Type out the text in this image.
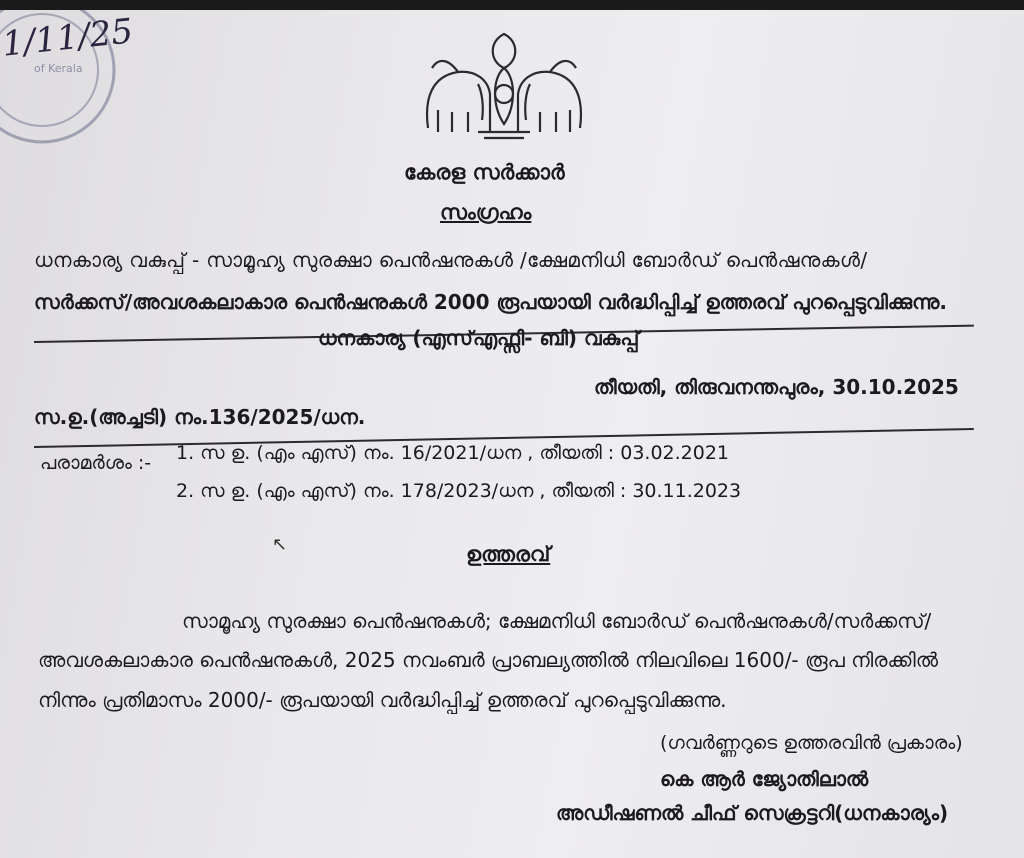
of Kerala
1/11/25
കേരള സർക്കാർ
സംഗ്രഹം
ധനകാര്യ വകുപ്പ് - സാമൂഹ്യ സുരക്ഷാ പെൻഷനുകൾ /ക്ഷേമനിധി ബോർഡ് പെൻഷനുകൾ/
സർക്കസ്/അവശകലാകാര പെൻഷനുകൾ 2000 രൂപയായി വർദ്ധിപ്പിച്ച് ഉത്തരവ് പുറപ്പെടുവിക്കുന്നു.
ധനകാര്യ (എസ്എഫ്സി- ബി) വകുപ്പ്
തീയതി, തിരുവനന്തപുരം, 30.10.2025
സ.ഉ.(അച്ചടി) നം.136/2025/ധന.
പരാമർശം :- 1. സ ഉ. (എം എസ്) നം. 16/2021/ധന , തീയതി : 03.02.2021
2. സ ഉ. (എം എസ്) നം. 178/2023/ധന , തീയതി : 30.11.2023
↖	ഉത്തരവ്
സാമൂഹ്യ സുരക്ഷാ പെൻഷനുകൾ; ക്ഷേമനിധി ബോർഡ് പെൻഷനുകൾ/സർക്കസ്/
അവശകലാകാര പെൻഷനുകൾ, 2025 നവംബർ പ്രാബല്യത്തിൽ നിലവിലെ 1600/- രൂപ നിരക്കിൽ
നിന്നും പ്രതിമാസം 2000/- രൂപയായി വർദ്ധിപ്പിച്ച് ഉത്തരവ് പുറപ്പെടുവിക്കുന്നു.
(ഗവർണ്ണറുടെ ഉത്തരവിൻ പ്രകാരം)
കെ ആർ ജ്യോതിലാൽ
അഡീഷണൽ ചീഫ് സെക്രട്ടറി(ധനകാര്യം)
